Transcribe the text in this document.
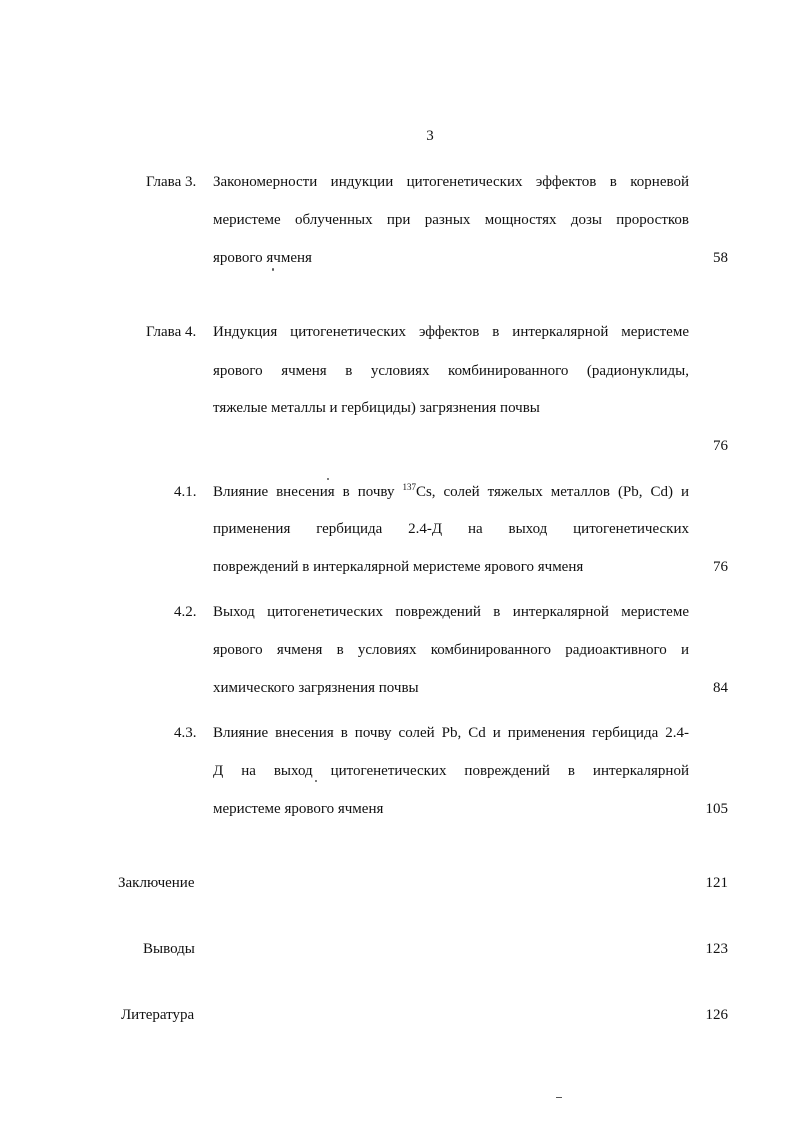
3
Глава 3. Закономерности индукции цитогенетических эффектов в корневой
меристеме облученных при разных мощностях дозы проростков
ярового ячменя	58
Глава 4. Индукция цитогенетических эффектов в интеркалярной меристеме
ярового ячменя в условиях комбинированного (радионуклиды,
тяжелые металлы и гербициды) загрязнения почвы
76
4.1. Влияние внесения в почву $^{137}$Cs, солей тяжелых металлов (Pb, Cd) и
применения гербицида 2.4-Д на выход цитогенетических
повреждений в интеркалярной меристеме ярового ячменя	76
4.2. Выход цитогенетических повреждений в интеркалярной меристеме
ярового ячменя в условиях комбинированного радиоактивного и
химического загрязнения почвы	84
4.3. Влияние внесения в почву солей Pb, Cd и применения гербицида 2.4-
Д на выход цитогенетических повреждений в интеркалярной
меристеме ярового ячменя	105
Заключение	121
Выводы	123
Литература	126
